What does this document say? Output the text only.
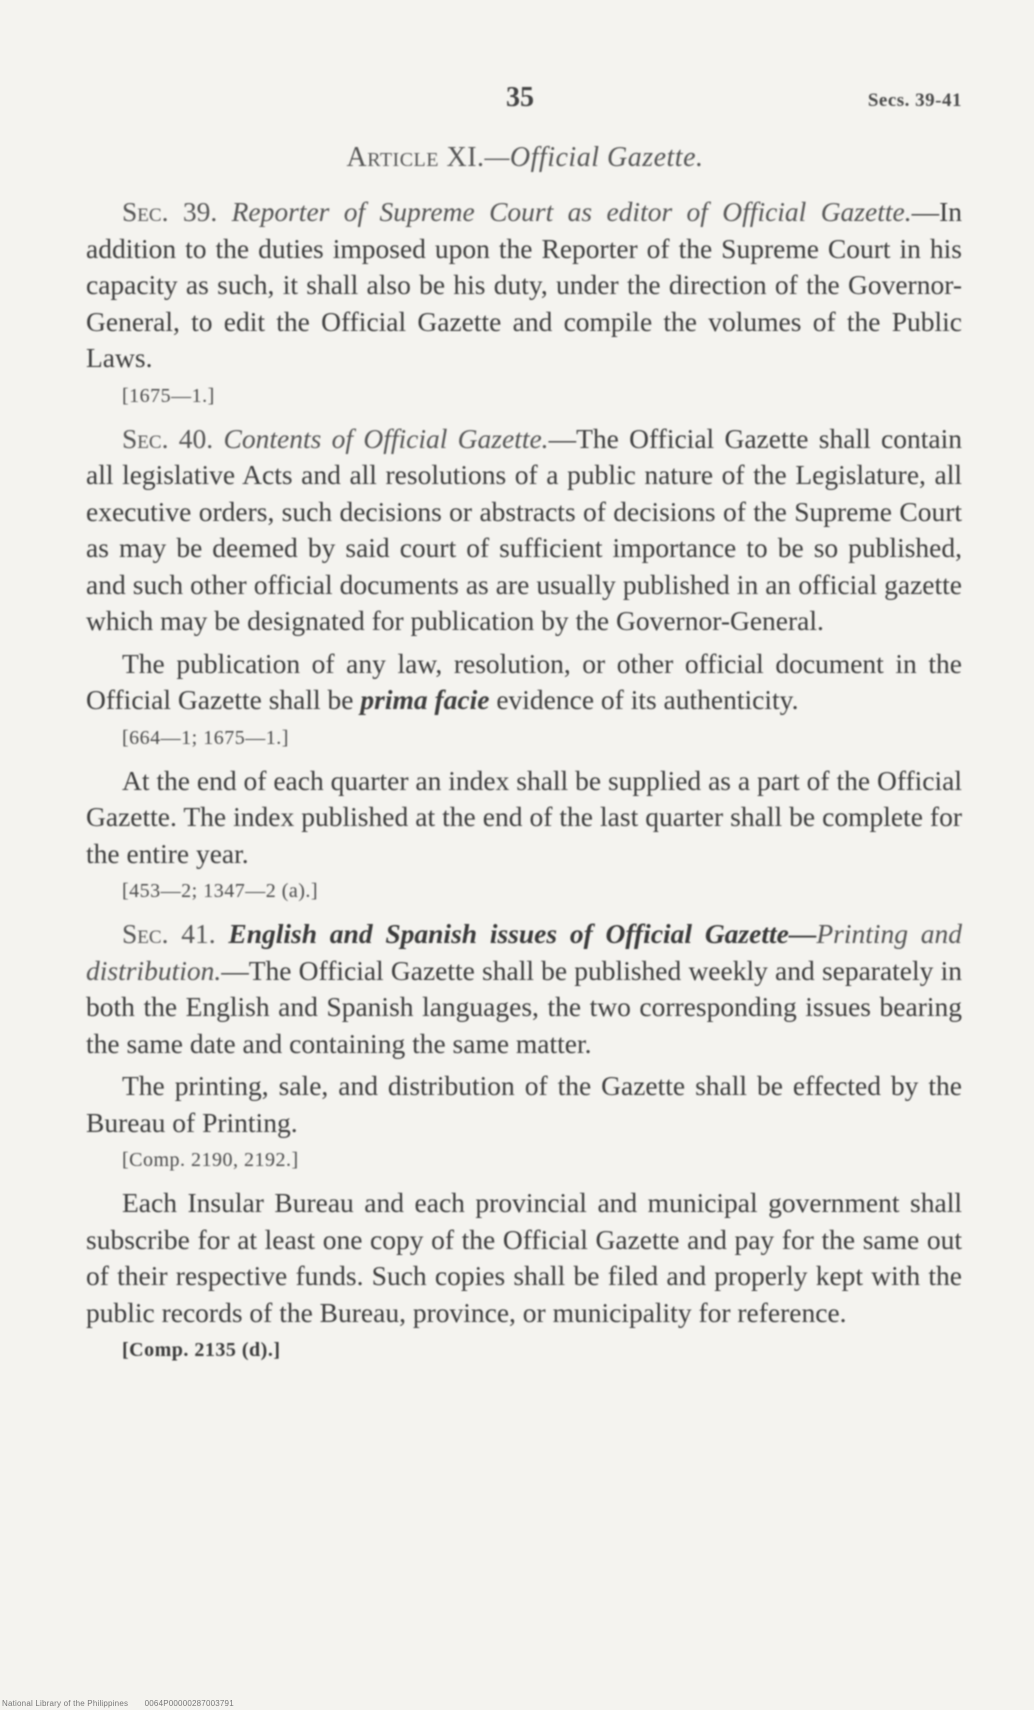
35	Secs. 39-41
Article XI.—Official Gazette.

Sec. 39. Reporter of Supreme Court as editor of Official Gazette.—In addition to the duties imposed upon the Reporter of the Supreme Court in his capacity as such, it shall also be his duty, under the direction of the Governor-General, to edit the Official Gazette and compile the volumes of the Public Laws.

[1675—1.]

Sec. 40. Contents of Official Gazette.—The Official Gazette shall contain all legislative Acts and all resolutions of a public nature of the Legislature, all executive orders, such decisions or abstracts of decisions of the Supreme Court as may be deemed by said court of sufficient importance to be so published, and such other official documents as are usually published in an official gazette which may be designated for publication by the Governor-General.

The publication of any law, resolution, or other official document in the Official Gazette shall be prima facie evidence of its authenticity.

[664—1; 1675—1.]

At the end of each quarter an index shall be supplied as a part of the Official Gazette. The index published at the end of the last quarter shall be complete for the entire year.

[453—2; 1347—2 (a).]

Sec. 41. English and Spanish issues of Official Gazette—Printing and distribution.—The Official Gazette shall be published weekly and separately in both the English and Spanish languages, the two corresponding issues bearing the same date and containing the same matter.

The printing, sale, and distribution of the Gazette shall be effected by the Bureau of Printing.

[Comp. 2190, 2192.]

Each Insular Bureau and each provincial and municipal government shall subscribe for at least one copy of the Official Gazette and pay for the same out of their respective funds. Such copies shall be filed and properly kept with the public records of the Bureau, province, or municipality for reference.

[Comp. 2135 (d).]

National Library of the Philippines 0064P00000287003791
